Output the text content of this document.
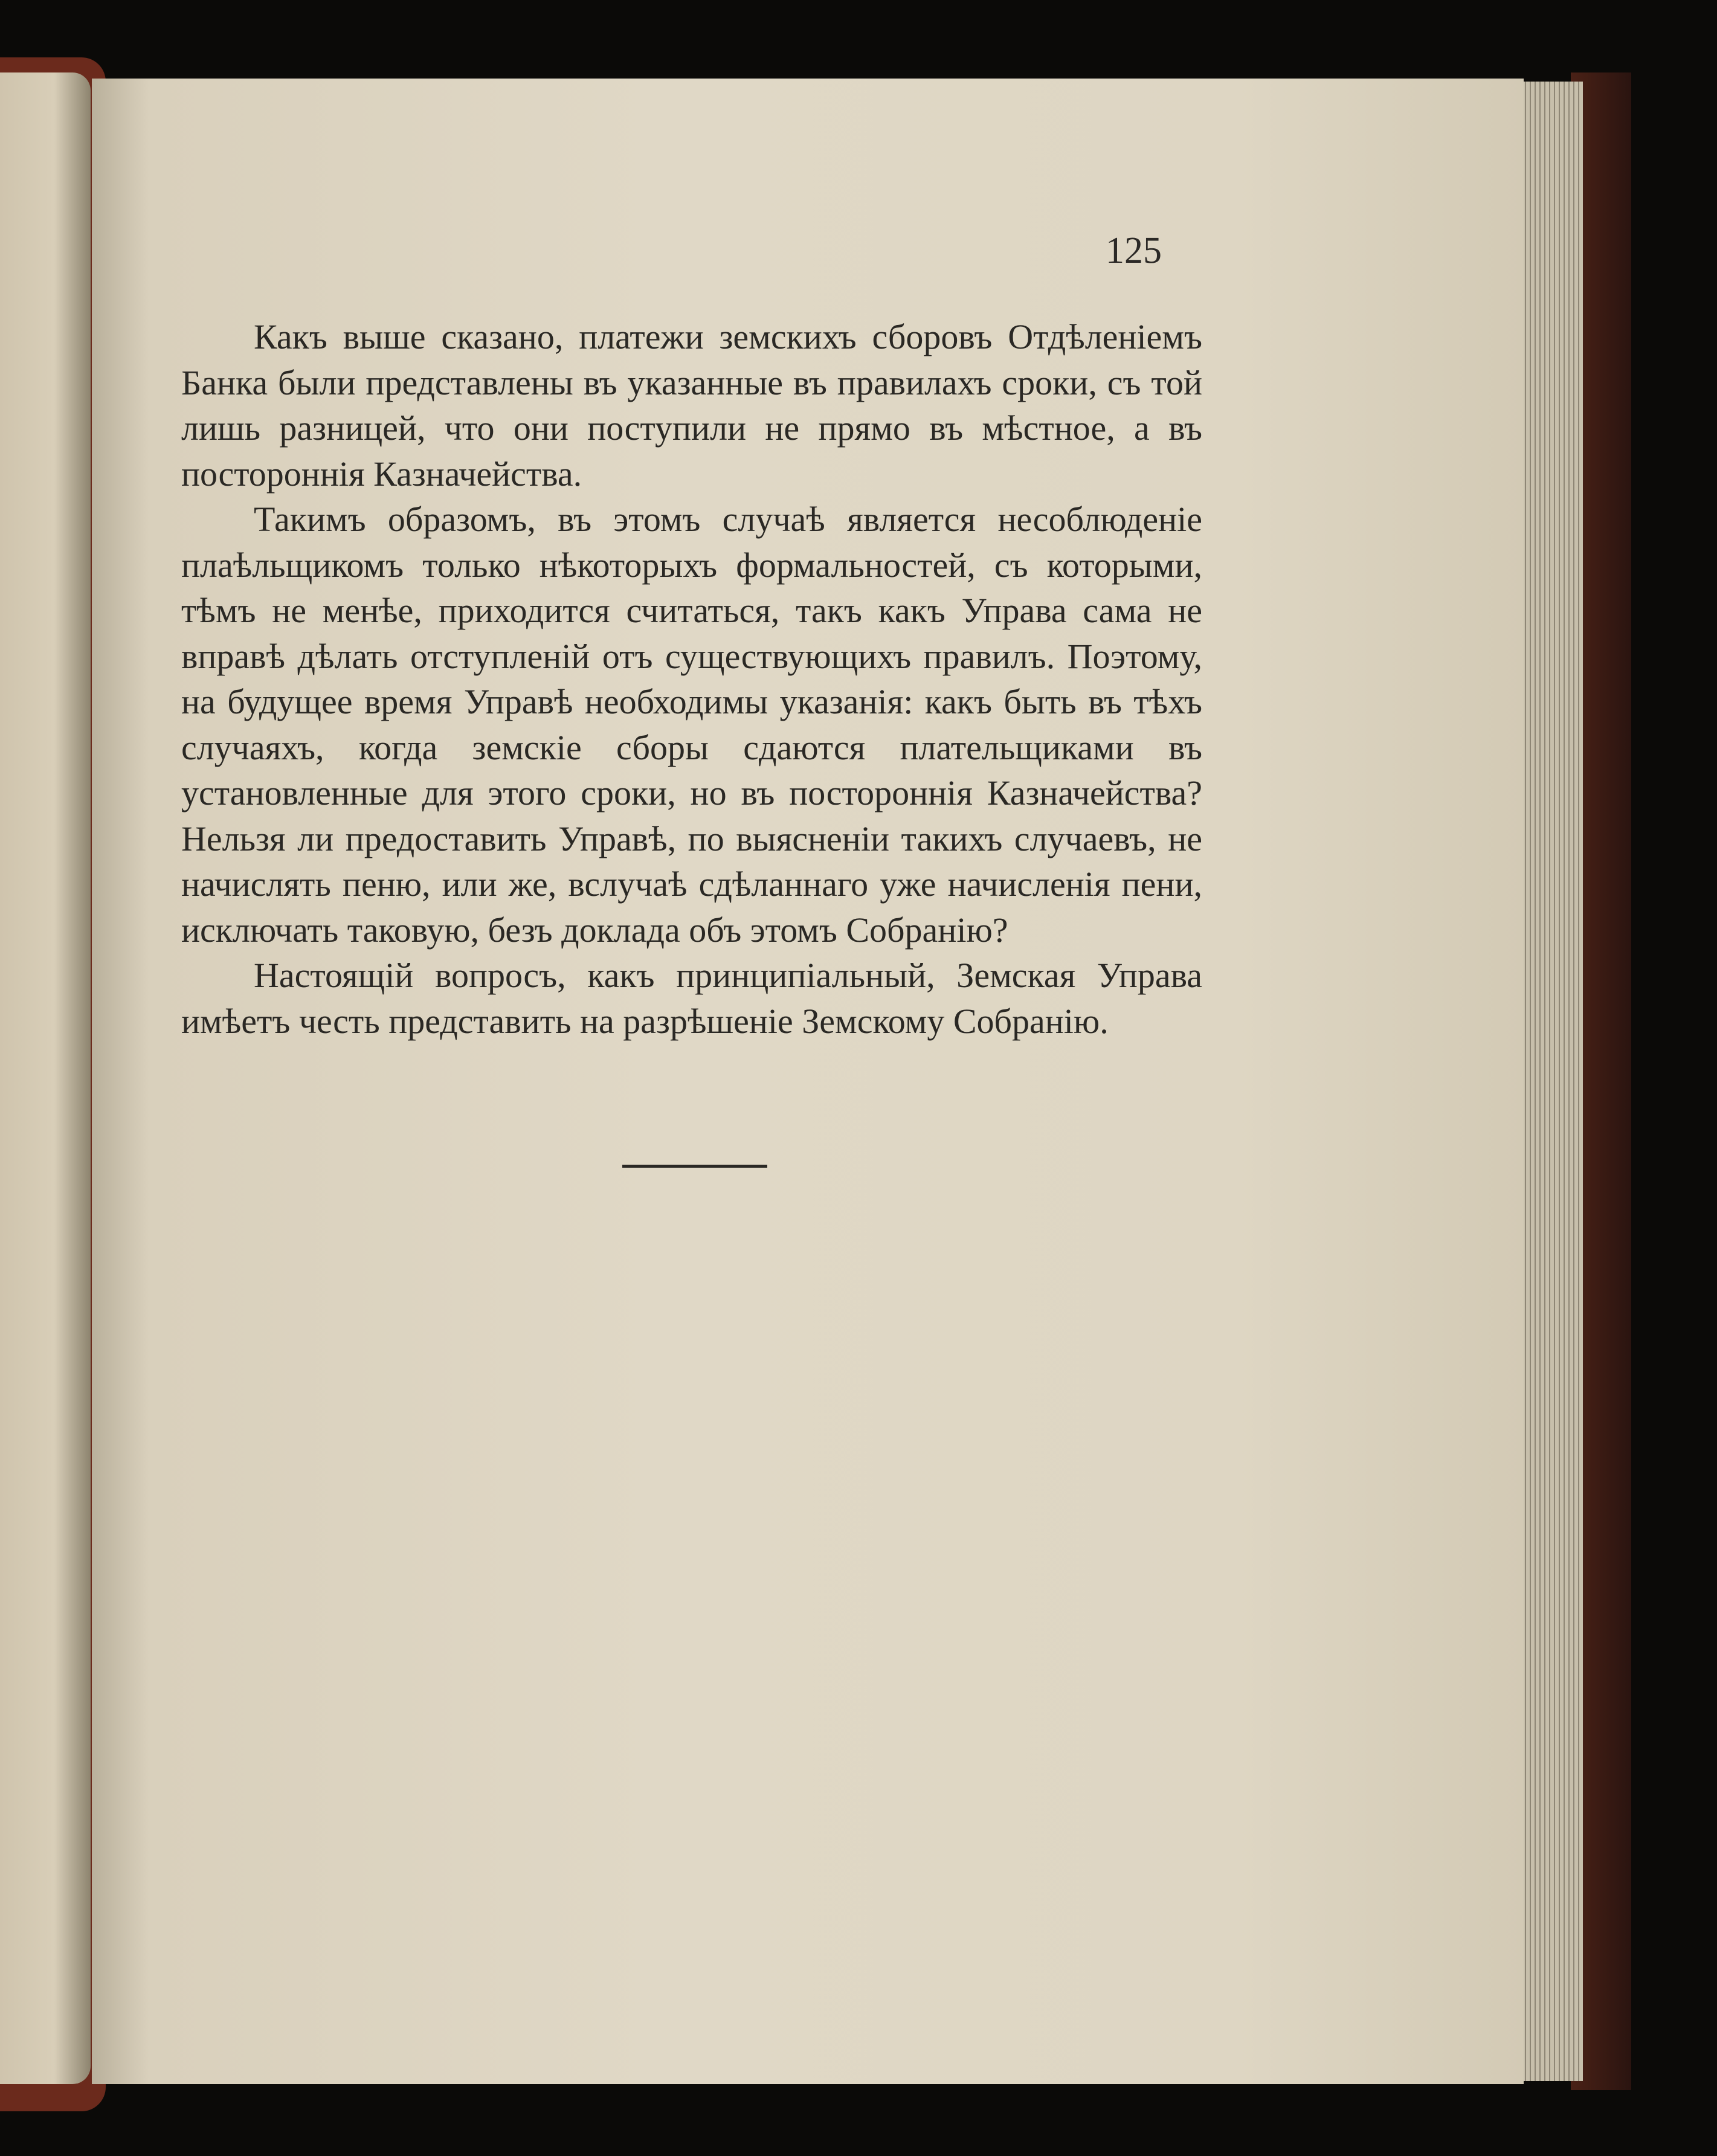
125

Какъ выше сказано, платежи земскихъ сборовъ Отдѣленіемъ Банка были представлены въ указанные въ правилахъ сроки, съ той лишь разницей, что они поступили не прямо въ мѣстное, а въ постороннія Казначейства.

Такимъ образомъ, въ этомъ случаѣ является несоблюденіе плаѣльщикомъ только нѣкоторыхъ формальностей, съ которыми, тѣмъ не менѣе, приходится считаться, такъ какъ Управа сама не вправѣ дѣлать отступленій отъ существующихъ правилъ. Поэтому, на будущее время Управѣ необходимы указанія: какъ быть въ тѣхъ случаяхъ, когда земскіе сборы сдаются плательщиками въ установленные для этого сроки, но въ постороннія Казначейства? Нельзя ли предоставить Управѣ, по выясненіи такихъ случаевъ, не начислять пеню, или же, вслучаѣ сдѣланнаго уже начисленія пени, исключать таковую, безъ доклада объ этомъ Собранію?

Настоящій вопросъ, какъ принципіальный, Земская Управа имѣетъ честь представить на разрѣшеніе Земскому Собранію.
